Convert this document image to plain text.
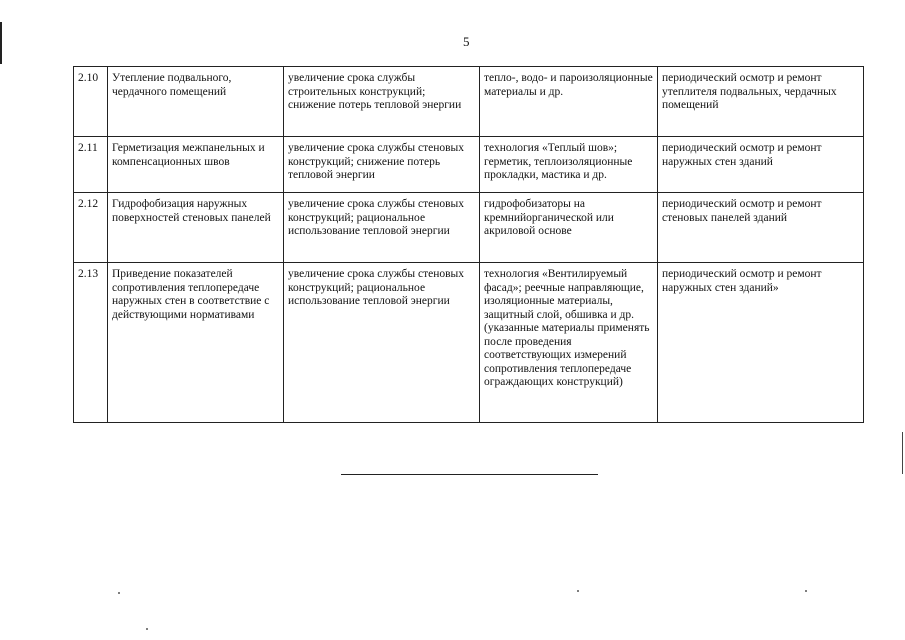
5
2.10	Утепление подвального, чердачного помещений	увеличение срока службы строительных конструкций; снижение потерь тепловой энергии	тепло-, водо- и пароизоляционные материалы и др.	периодический осмотр и ремонт утеплителя подвальных, чердачных помещений
2.11	Герметизация межпанельных и компенсационных швов	увеличение срока службы стеновых конструкций; снижение потерь тепловой энергии	технология «Теплый шов»; герметик, теплоизоляционные прокладки, мастика и др.	периодический осмотр и ремонт наружных стен зданий
2.12	Гидрофобизация наружных поверхностей стеновых панелей	увеличение срока службы стеновых конструкций; рациональное использование тепловой энергии	гидрофобизаторы на кремнийорганической или акриловой основе	периодический осмотр и ремонт стеновых панелей зданий
2.13	Приведение показателей сопротивления теплопередаче наружных стен в соответствие с действующими нормативами	увеличение срока службы стеновых конструкций; рациональное использование тепловой энергии	технология «Вентилируемый фасад»; реечные направляющие, изоляционные материалы, защитный слой, обшивка и др. (указанные материалы применять после проведения соответствующих измерений сопротивления теплопередаче ограждающих конструкций)	периодический осмотр и ремонт наружных стен зданий»
